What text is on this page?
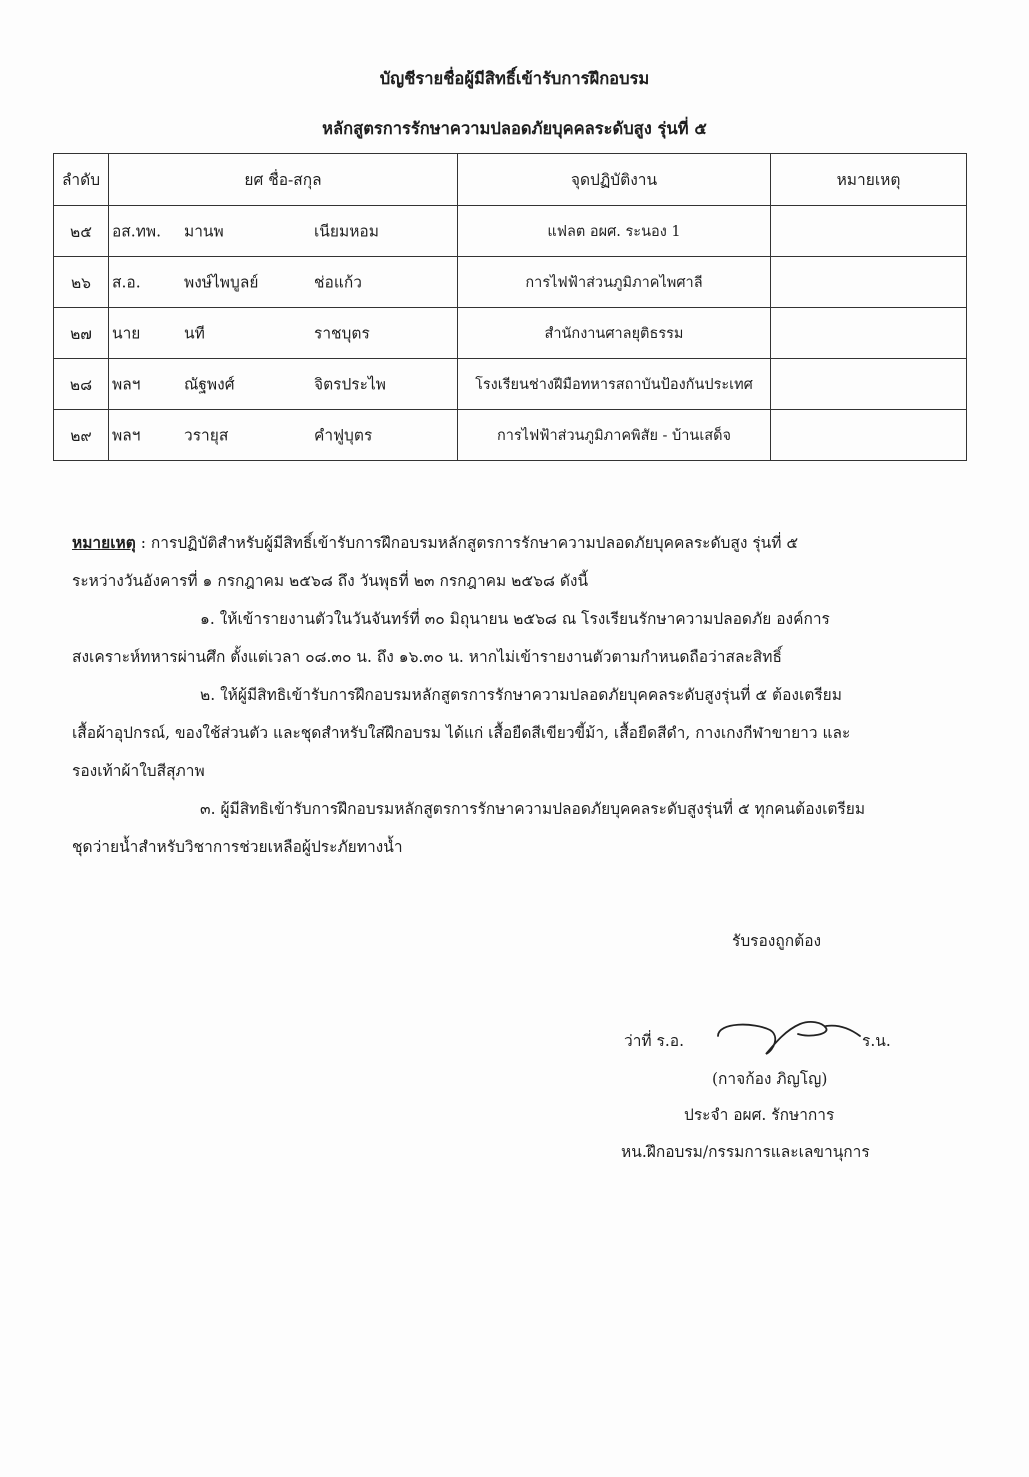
บัญชีรายชื่อผู้มีสิทธิ์เข้ารับการฝึกอบรม
หลักสูตรการรักษาความปลอดภัยบุคคลระดับสูง รุ่นที่ ๕
ลำดับ	ยศ ชื่อ-สกุล	จุดปฏิบัติงาน	หมายเหตุ
๒๕	อส.ทพ. มานพ เนียมหอม	แฟลต อผศ. ระนอง 1	
๒๖	ส.อ. พงษ์ไพบูลย์ ช่อแก้ว	การไฟฟ้าส่วนภูมิภาคไพศาลี	
๒๗	นาย นที ราชบุตร	สำนักงานศาลยุติธรรม	
๒๘	พลฯ ณัฐพงศ์ จิตรประไพ	โรงเรียนช่างฝีมือทหารสถาบันป้องกันประเทศ	
๒๙	พลฯ วรายุส คำฟูบุตร	การไฟฟ้าส่วนภูมิภาคพิสัย - บ้านเสด็จ	

หมายเหตุ : การปฏิบัติสำหรับผู้มีสิทธิ์เข้ารับการฝึกอบรมหลักสูตรการรักษาความปลอดภัยบุคคลระดับสูง รุ่นที่ ๕

ระหว่างวันอังคารที่ ๑ กรกฎาคม ๒๕๖๘ ถึง วันพุธที่ ๒๓ กรกฎาคม ๒๕๖๘ ดังนี้

๑. ให้เข้ารายงานตัวในวันจันทร์ที่ ๓๐ มิถุนายน ๒๕๖๘ ณ โรงเรียนรักษาความปลอดภัย องค์การ

สงเคราะห์ทหารผ่านศึก ตั้งแต่เวลา ๐๘.๓๐ น. ถึง ๑๖.๓๐ น. หากไม่เข้ารายงานตัวตามกำหนดถือว่าสละสิทธิ์

๒. ให้ผู้มีสิทธิเข้ารับการฝึกอบรมหลักสูตรการรักษาความปลอดภัยบุคคลระดับสูงรุ่นที่ ๕ ต้องเตรียม

เสื้อผ้าอุปกรณ์, ของใช้ส่วนตัว และชุดสำหรับใส่ฝึกอบรม ได้แก่ เสื้อยืดสีเขียวขี้ม้า, เสื้อยืดสีดำ, กางเกงกีฬาขายาว และ

รองเท้าผ้าใบสีสุภาพ

๓. ผู้มีสิทธิเข้ารับการฝึกอบรมหลักสูตรการรักษาความปลอดภัยบุคคลระดับสูงรุ่นที่ ๕ ทุกคนต้องเตรียม

ชุดว่ายน้ำสำหรับวิชาการช่วยเหลือผู้ประภัยทางน้ำ

รับรองถูกต้อง
ว่าที่ ร.อ.	ร.น.
(กาจก้อง ภิญโญ)
ประจำ อผศ. รักษาการ
หน.ฝึกอบรม/กรรมการและเลขานุการ
